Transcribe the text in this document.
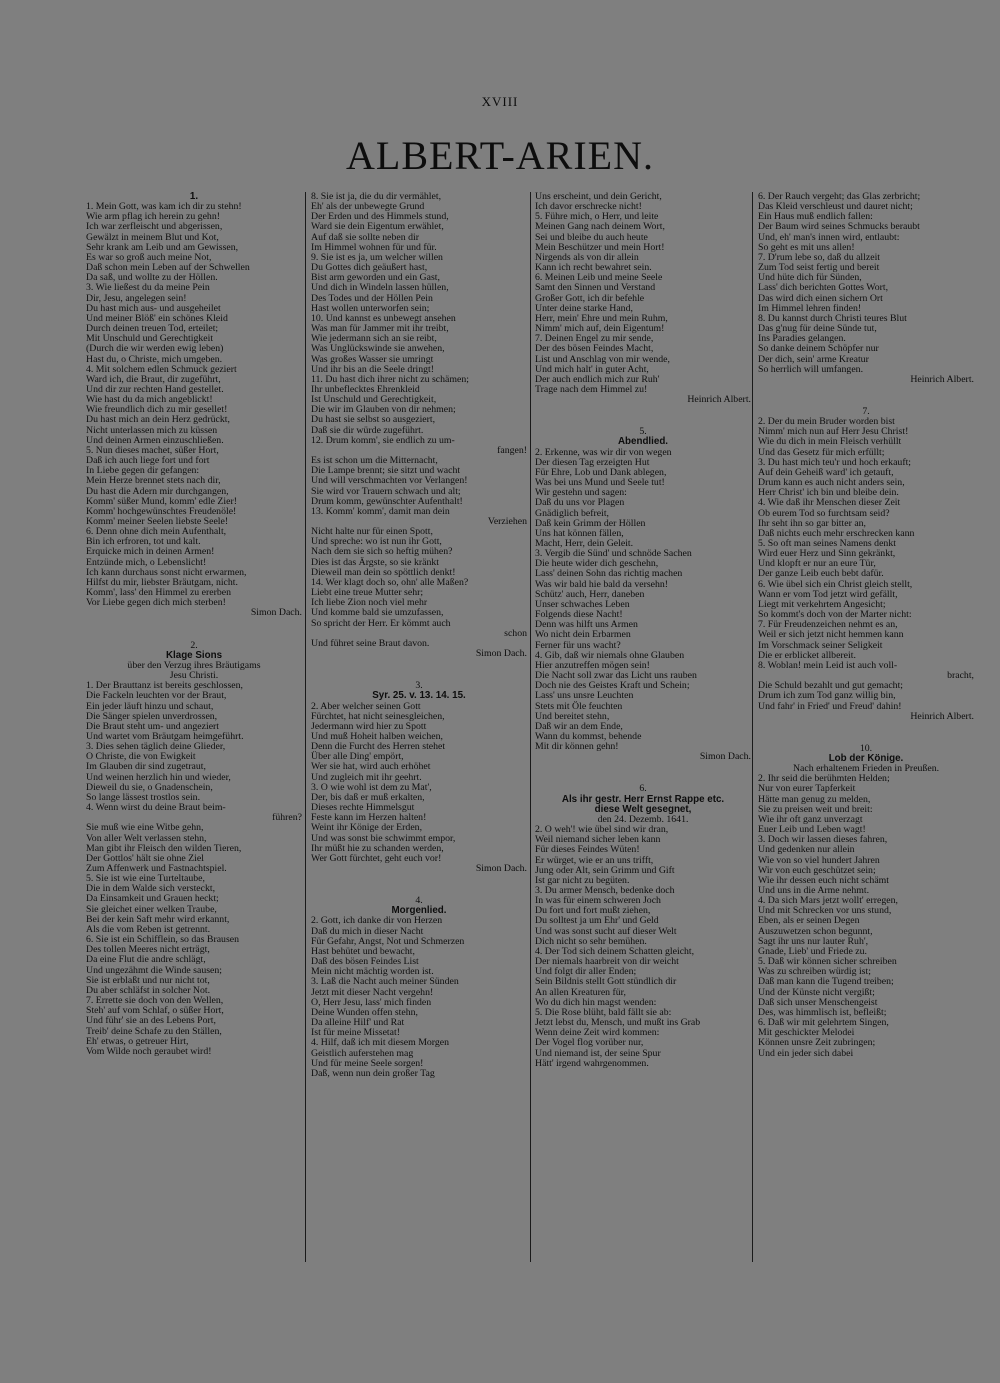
XVIII
ALBERT-ARIEN.
1.
1. Mein Gott, was kam ich dir zu stehn!
Wie arm pflag ich herein zu gehn!
Ich war zerfleischt und abgerissen,
Gewälzt in meinem Blut und Kot,
Sehr krank am Leib und am Gewissen,
Es war so groß auch meine Not,
Daß schon mein Leben auf der Schwellen
Da saß, und wollte zu der Höllen.
3. Wie ließest du da meine Pein
Dir, Jesu, angelegen sein!
Du hast mich aus- und ausgeheilet
Und meiner Blöß' ein schönes Kleid
Durch deinen treuen Tod, erteilet;
Mit Unschuld und Gerechtigkeit
(Durch die wir werden ewig leben)
Hast du, o Christe, mich umgeben.
4. Mit solchem edlen Schmuck geziert
Ward ich, die Braut, dir zugeführt,
Und dir zur rechten Hand gestellet.
Wie hast du da mich angeblickt!
Wie freundlich dich zu mir gesellet!
Du hast mich an dein Herz gedrückt,
Nicht unterlassen mich zu küssen
Und deinen Armen einzuschließen.
5. Nun dieses machet, süßer Hort,
Daß ich auch liege fort und fort
In Liebe gegen dir gefangen:
Mein Herze brennet stets nach dir,
Du hast die Adern mir durchgangen,
Komm' süßer Mund, komm' edle Zier!
Komm' hochgewünschtes Freudenöle!
Komm' meiner Seelen liebste Seele!
6. Denn ohne dich mein Aufenthalt,
Bin ich erfroren, tot und kalt.
Erquicke mich in deinen Armen!
Entzünde mich, o Lebenslicht!
Ich kann durchaus sonst nicht erwarmen,
Hilfst du mir, liebster Bräutgam, nicht.
Komm', lass' den Himmel zu ererben
Vor Liebe gegen dich mich sterben!
Simon Dach.
2.
Klage Sions
über den Verzug ihres Bräutigams
Jesu Christi.
1. Der Brauttanz ist bereits geschlossen,
Die Fackeln leuchten vor der Braut,
Ein jeder läuft hinzu und schaut,
Die Sänger spielen unverdrossen,
Die Braut steht um- und angeziert
Und wartet vom Bräutgam heimgeführt.
3. Dies sehen täglich deine Glieder,
O Christe, die von Ewigkeit
Im Glauben dir sind zugetraut,
Und weinen herzlich hin und wieder,
Dieweil du sie, o Gnadenschein,
So lange lässest trostlos sein.
4. Wenn wirst du deine Braut beim-
führen?
Sie muß wie eine Witbe gehn,
Von aller Welt verlassen stehn,
Man gibt ihr Fleisch den wilden Tieren,
Der Gottlos' hält sie ohne Ziel
Zum Affenwerk und Fastnachtspiel.
5. Sie ist wie eine Turteltaube,
Die in dem Walde sich versteckt,
Da Einsamkeit und Grauen heckt;
Sie gleichet einer welken Traube,
Bei der kein Saft mehr wird erkannt,
Als die vom Reben ist getrennt.
6. Sie ist ein Schifflein, so das Brausen
Des tollen Meeres nicht erträgt,
Da eine Flut die andre schlägt,
Und ungezähmt die Winde sausen;
Sie ist erblaßt und nur nicht tot,
Du aber schläfst in solcher Not.
7. Errette sie doch von den Wellen,
Steh' auf vom Schlaf, o süßer Hort,
Und führ' sie an des Lebens Port,
Treib' deine Schafe zu den Ställen,
Eh' etwas, o getreuer Hirt,
Vom Wilde noch geraubet wird!
8. Sie ist ja, die du dir vermählet,
Eh' als der unbewegte Grund
Der Erden und des Himmels stund,
Ward sie dein Eigentum erwählet,
Auf daß sie sollte neben dir
Im Himmel wohnen für und für.
9. Sie ist es ja, um welcher willen
Du Gottes dich geäußert hast,
Bist arm geworden und ein Gast,
Und dich in Windeln lassen hüllen,
Des Todes und der Höllen Pein
Hast wollen unterworfen sein;
10. Und kannst es unbewegt ansehen
Was man für Jammer mit ihr treibt,
Wie jedermann sich an sie reibt,
Was Unglückswinde sie anwehen,
Was großes Wasser sie umringt
Und ihr bis an die Seele dringt!
11. Du hast dich ihrer nicht zu schämen;
Ihr unbeflecktes Ehrenkleid
Ist Unschuld und Gerechtigkeit,
Die wir im Glauben von dir nehmen;
Du hast sie selbst so ausgeziert,
Daß sie dir würde zugeführt.
12. Drum komm', sie endlich zu um-
fangen!
Es ist schon um die Mitternacht,
Die Lampe brennt; sie sitzt und wacht
Und will verschmachten vor Verlangen!
Sie wird vor Trauern schwach und alt;
Drum komm, gewünschter Aufenthalt!
13. Komm' komm', damit man dein
Verziehen
Nicht halte nur für einen Spott,
Und spreche: wo ist nun ihr Gott,
Nach dem sie sich so heftig mühen?
Dies ist das Ärgste, so sie kränkt
Dieweil man dein so spöttlich denkt!
14. Wer klagt doch so, ohn' alle Maßen?
Liebt eine treue Mutter sehr;
Ich liebe Zion noch viel mehr
Und komme bald sie umzufassen,
So spricht der Herr. Er kömmt auch
schon
Und führet seine Braut davon.
Simon Dach.
3.
Syr. 25. v. 13. 14. 15.
2. Aber welcher seinen Gott
Fürchtet, hat nicht seinesgleichen,
Jedermann wird hier zu Spott
Und muß Hoheit halben weichen,
Denn die Furcht des Herren stehet
Über alle Ding' empört,
Wer sie hat, wird auch erhöhet
Und zugleich mit ihr geehrt.
3. O wie wohl ist dem zu Mat',
Der, bis daß er muß erkalten,
Dieses rechte Himmelsgut
Feste kann im Herzen halten!
Weint ihr Könige der Erden,
Und was sonst bie schwimmt empor,
Ihr müßt hie zu schanden werden,
Wer Gott fürchtet, geht euch vor!
Simon Dach.
4.
Morgenlied.
2. Gott, ich danke dir von Herzen
Daß du mich in dieser Nacht
Für Gefahr, Angst, Not und Schmerzen
Hast behütet und bewacht,
Daß des bösen Feindes List
Mein nicht mächtig worden ist.
3. Laß die Nacht auch meiner Sünden
Jetzt mit dieser Nacht vergehn!
O, Herr Jesu, lass' mich finden
Deine Wunden offen stehn,
Da alleine Hilf' und Rat
Ist für meine Missetat!
4. Hilf, daß ich mit diesem Morgen
Geistlich auferstehen mag
Und für meine Seele sorgen!
Daß, wenn nun dein großer Tag
Uns erscheint, und dein Gericht,
Ich davor erschrecke nicht!
5. Führe mich, o Herr, und leite
Meinen Gang nach deinem Wort,
Sei und bleibe du auch heute
Mein Beschützer und mein Hort!
Nirgends als von dir allein
Kann ich recht bewahret sein.
6. Meinen Leib und meine Seele
Samt den Sinnen und Verstand
Großer Gott, ich dir befehle
Unter deine starke Hand,
Herr, mein' Ehre und mein Ruhm,
Nimm' mich auf, dein Eigentum!
7. Deinen Engel zu mir sende,
Der des bösen Feindes Macht,
List und Anschlag von mir wende,
Und mich halt' in guter Acht,
Der auch endlich mich zur Ruh'
Trage nach dem Himmel zu!
Heinrich Albert.
5.
Abendlied.
2. Erkenne, was wir dir von wegen
Der diesen Tag erzeigten Hut
Für Ehre, Lob und Dank ablegen,
Was bei uns Mund und Seele tut!
Wir gestehn und sagen:
Daß du uns vor Plagen
Gnädiglich befreit,
Daß kein Grimm der Höllen
Uns hat können fällen,
Macht, Herr, dein Geleit.
3. Vergib die Sünd' und schnöde Sachen
Die heute wider dich geschehn,
Lass' deinen Sohn das richtig machen
Was wir bald hie bald da versehn!
Schütz' auch, Herr, daneben
Unser schwaches Leben
Folgends diese Nacht!
Denn was hilft uns Armen
Wo nicht dein Erbarmen
Ferner für uns wacht?
4. Gib, daß wir niemals ohne Glauben
Hier anzutreffen mögen sein!
Die Nacht soll zwar das Licht uns rauben
Doch nie des Geistes Kraft und Schein;
Lass' uns unsre Leuchten
Stets mit Öle feuchten
Und bereitet stehn,
Daß wir an dem Ende,
Wann du kommst, behende
Mit dir können gehn!
Simon Dach.
6.
Als ihr gestr. Herr Ernst Rappe etc.
diese Welt gesegnet,
den 24. Dezemb. 1641.
2. O weh'! wie übel sind wir dran,
Weil niemand sicher leben kann
Für dieses Feindes Wüten!
Er würget, wie er an uns trifft,
Jung oder Alt, sein Grimm und Gift
Ist gar nicht zu begüten.
3. Du armer Mensch, bedenke doch
In was für einem schweren Joch
Du fort und fort mußt ziehen,
Du solltest ja um Ehr' und Geld
Und was sonst sucht auf dieser Welt
Dich nicht so sehr bemühen.
4. Der Tod sich deinem Schatten gleicht,
Der niemals haarbreit von dir weicht
Und folgt dir aller Enden;
Sein Bildnis stellt Gott stündlich dir
An allen Kreaturen für,
Wo du dich hin magst wenden:
5. Die Rose blüht, bald fällt sie ab:
Jetzt lebst du, Mensch, und mußt ins Grab
Wenn deine Zeit wird kommen:
Der Vogel flog vorüber nur,
Und niemand ist, der seine Spur
Hätt' irgend wahrgenommen.
6. Der Rauch vergeht; das Glas zerbricht;
Das Kleid verschleust und dauret nicht;
Ein Haus muß endlich fallen:
Der Baum wird seines Schmucks beraubt
Und, eh' man's innen wird, entlaubt:
So geht es mit uns allen!
7. D'rum lebe so, daß du allzeit
Zum Tod seist fertig und bereit
Und hüte dich für Sünden,
Lass' dich berichten Gottes Wort,
Das wird dich einen sichern Ort
Im Himmel lehren finden!
8. Du kannst durch Christi teures Blut
Das g'nug für deine Sünde tut,
Ins Paradies gelangen.
So danke deinem Schöpfer nur
Der dich, sein' arme Kreatur
So herrlich will umfangen.
Heinrich Albert.
7.
2. Der du mein Bruder worden bist
Nimm' mich nun auf Herr Jesu Christ!
Wie du dich in mein Fleisch verhüllt
Und das Gesetz für mich erfüllt;
3. Du hast mich teu'r und hoch erkauft;
Auf dein Geheiß ward' ich getauft,
Drum kann es auch nicht anders sein,
Herr Christ' ich bin und bleibe dein.
4. Wie daß ihr Menschen dieser Zeit
Ob eurem Tod so furchtsam seid?
Ihr seht ihn so gar bitter an,
Daß nichts euch mehr erschrecken kann
5. So oft man seines Namens denkt
Wird euer Herz und Sinn gekränkt,
Und klopft er nur an eure Tür,
Der ganze Leib euch bebt dafür.
6. Wie übel sich ein Christ gleich stellt,
Wann er vom Tod jetzt wird gefällt,
Liegt mit verkehrtem Angesicht;
So kommt's doch von der Marter nicht:
7. Für Freudenzeichen nehmt es an,
Weil er sich jetzt nicht hemmen kann
Im Vorschmack seiner Seligkeit
Die er erblicket allbereit.
8. Woblan! mein Leid ist auch voll-
bracht,
Die Schuld bezahlt und gut gemacht;
Drum ich zum Tod ganz willig bin,
Und fahr' in Fried' und Freud' dahin!
Heinrich Albert.
10.
Lob der Könige.
Nach erhaltenem Frieden in Preußen.
2. Ihr seid die berühmten Helden;
Nur von eurer Tapferkeit
Hätte man genug zu melden,
Sie zu preisen weit und breit:
Wie ihr oft ganz unverzagt
Euer Leib und Leben wagt!
3. Doch wir lassen dieses fahren,
Und gedenken nur allein
Wie von so viel hundert Jahren
Wir von euch geschützet sein;
Wie ihr dessen euch nicht schämt
Und uns in die Arme nehmt.
4. Da sich Mars jetzt wollt' erregen,
Und mit Schrecken vor uns stund,
Eben, als er seinen Degen
Auszuwetzen schon begunnt,
Sagt ihr uns nur lauter Ruh',
Gnade, Lieb' und Friede zu.
5. Daß wir können sicher schreiben
Was zu schreiben würdig ist;
Daß man kann die Tugend treiben;
Und der Künste nicht vergißt;
Daß sich unser Menschengeist
Des, was himmlisch ist, befleißt;
6. Daß wir mit gelehrtem Singen,
Mit geschickter Melodei
Können unsre Zeit zubringen;
Und ein jeder sich dabei
